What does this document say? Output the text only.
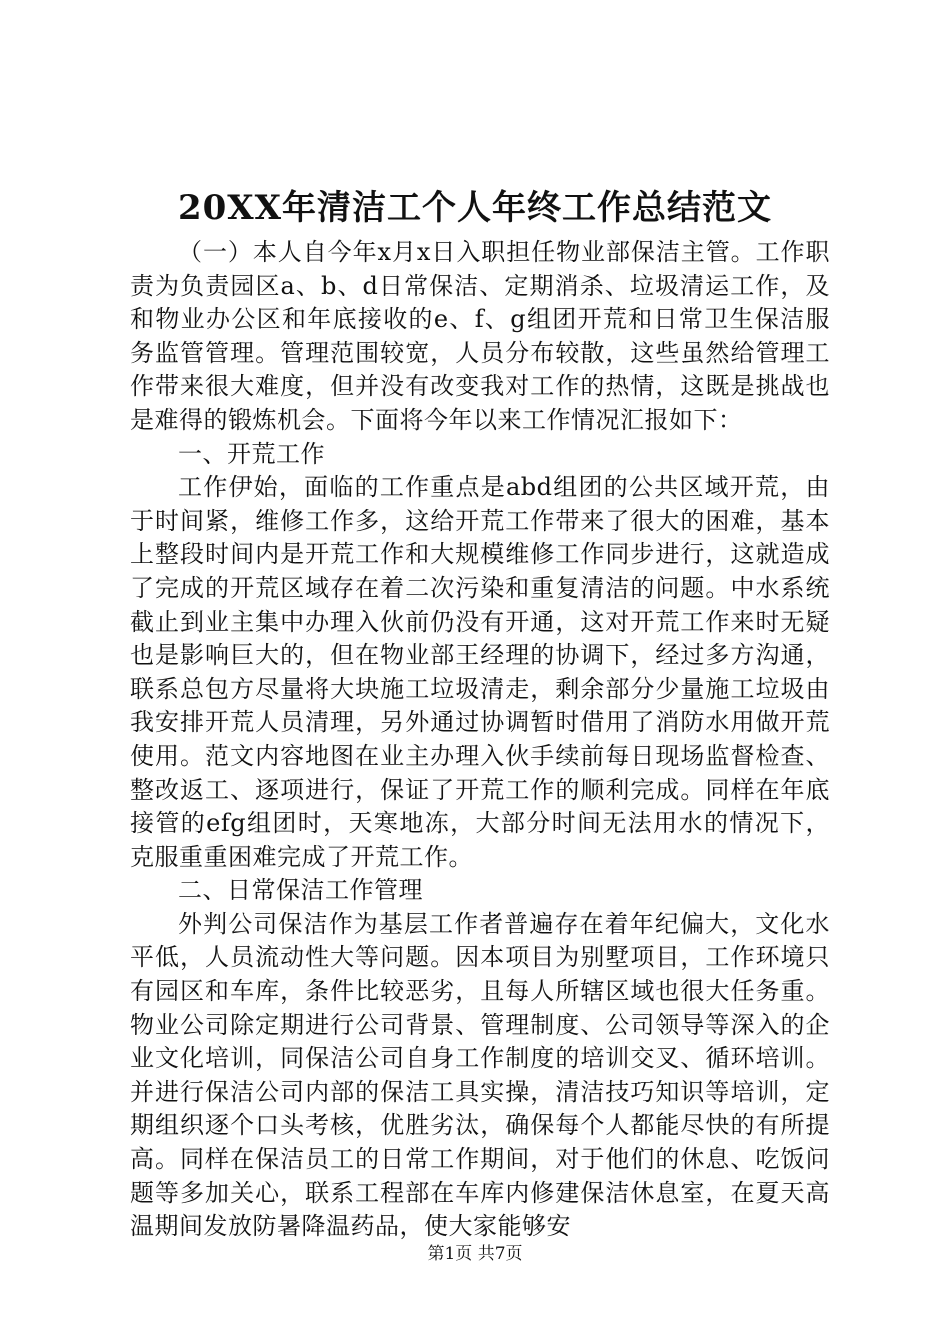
20XX年清洁工个人年终工作总结范文

（一）本人自今年x月x日入职担任物业部保洁主管。工作职责为负责园区a、b、d日常保洁、定期消杀、垃圾清运工作，及和物业办公区和年底接收的e、f、g组团开荒和日常卫生保洁服务监管管理。管理范围较宽，人员分布较散，这些虽然给管理工作带来很大难度，但并没有改变我对工作的热情，这既是挑战也是难得的锻炼机会。下面将今年以来工作情况汇报如下：

一、开荒工作

工作伊始，面临的工作重点是abd组团的公共区域开荒，由于时间紧，维修工作多，这给开荒工作带来了很大的困难，基本上整段时间内是开荒工作和大规模维修工作同步进行，这就造成了完成的开荒区域存在着二次污染和重复清洁的问题。中水系统截止到业主集中办理入伙前仍没有开通，这对开荒工作来时无疑也是影响巨大的，但在物业部王经理的协调下，经过多方沟通，联系总包方尽量将大块施工垃圾清走，剩余部分少量施工垃圾由我安排开荒人员清理，另外通过协调暂时借用了消防水用做开荒使用。范文内容地图在业主办理入伙手续前每日现场监督检查、整改返工、逐项进行，保证了开荒工作的顺利完成。同样在年底接管的efg组团时，天寒地冻，大部分时间无法用水的情况下，克服重重困难完成了开荒工作。

二、日常保洁工作管理

外判公司保洁作为基层工作者普遍存在着年纪偏大，文化水平低，人员流动性大等问题。因本项目为别墅项目，工作环境只有园区和车库，条件比较恶劣，且每人所辖区域也很大任务重。物业公司除定期进行公司背景、管理制度、公司领导等深入的企业文化培训，同保洁公司自身工作制度的培训交叉、循环培训。并进行保洁公司内部的保洁工具实操，清洁技巧知识等培训，定期组织逐个口头考核，优胜劣汰，确保每个人都能尽快的有所提高。同样在保洁员工的日常工作期间，对于他们的休息、吃饭问题等多加关心，联系工程部在车库内修建保洁休息室，在夏天高温期间发放防暑降温药品，使大家能够安

第1页 共7页
